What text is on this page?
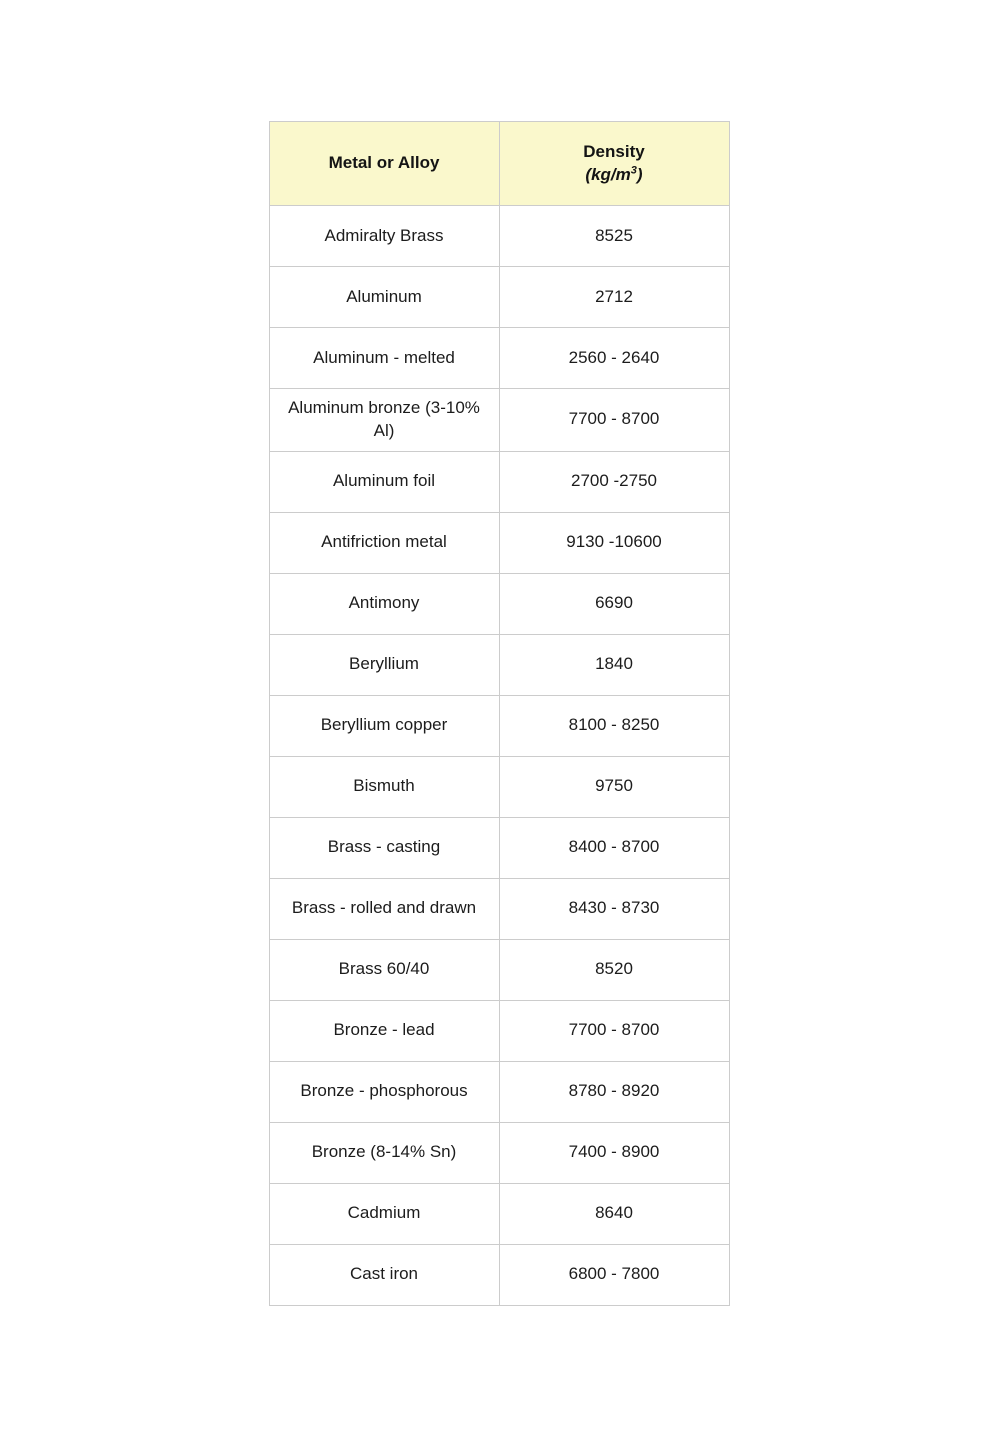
Metal or Alloy	Density
$(kg/m^3)$

Admiralty Brass	8525
Aluminum	2712
Aluminum - melted	2560 - 2640
Aluminum bronze (3-10% Al)	7700 - 8700
Aluminum foil	2700 -2750
Antifriction metal	9130 -10600
Antimony	6690
Beryllium	1840
Beryllium copper	8100 - 8250
Bismuth	9750
Brass - casting	8400 - 8700
Brass - rolled and drawn	8430 - 8730
Brass 60/40	8520
Bronze - lead	7700 - 8700
Bronze - phosphorous	8780 - 8920
Bronze (8-14% Sn)	7400 - 8900
Cadmium	8640
Cast iron	6800 - 7800
